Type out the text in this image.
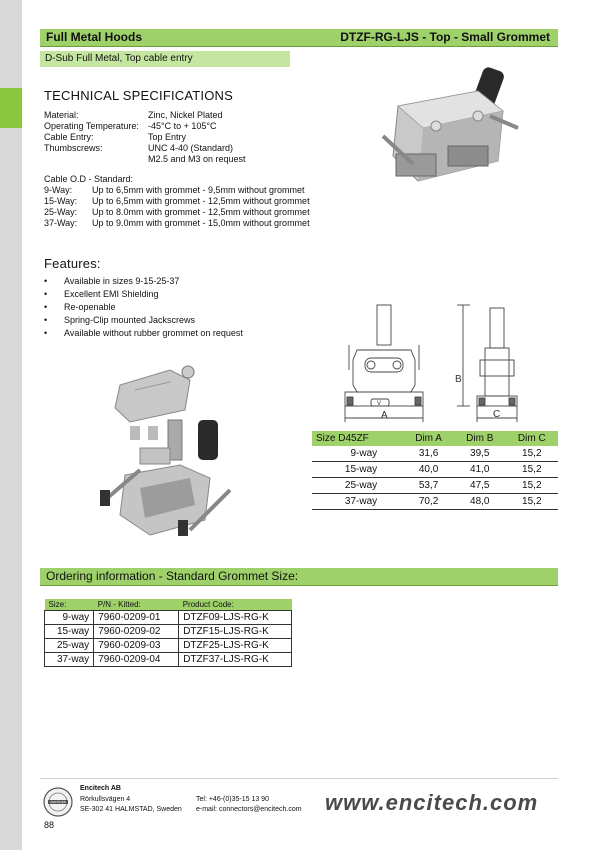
Full Metal Hoods	DTZF-RG-LJS - Top - Small Grommet
D-Sub Full Metal, Top cable entry
TECHNICAL SPECIFICATIONS
Material:	Zinc, Nickel Plated
Operating Temperature: -45°C to + 105°C
Cable Entry:	Top Entry
Thumbscrews:	UNC 4-40 (Standard)
M2.5 and M3 on request
Cable O.D - Standard:
9-Way: Up to 6,5mm with grommet - 9,5mm without grommet
15-Way: Up to 6,5mm with grommet - 12,5mm without grommet
25-Way: Up to 8.0mm with grommet - 12,5mm without grommet
37-Way: Up to 9.0mm with grommet - 15,0mm without grommet
Features:
• Available in sizes 9-15-25-37
• Excellent EMI Shielding
• Re-openable
• Spring-Clip mounted Jackscrews
• Available without rubber grommet on request
A
B
C
V
Size D45ZF	Dim A	Dim B	Dim C
9-way	31,6	39,5	15,2
15-way	40,0	41,0	15,2
25-way	53,7	47,5	15,2
37-way	70,2	48,0	15,2
Ordering information - Standard Grommet Size:
Size:	P/N - Kitted:	Product Code:
9-way	7960-0209-01	DTZF09-LJS-RG-K
15-way	7960-0209-02	DTZF15-LJS-RG-K
25-way	7960-0209-03	DTZF25-LJS-RG-K
37-way	7960-0209-04	DTZF37-LJS-RG-K
CERTIFIED
Encitech AB
Rörkullsvägen 4
SE-302 41 HALMSTAD, Sweden
Tel: +46-(0)35-15 13 90
e-mail: connectors@encitech.com www.encitech.com
88
